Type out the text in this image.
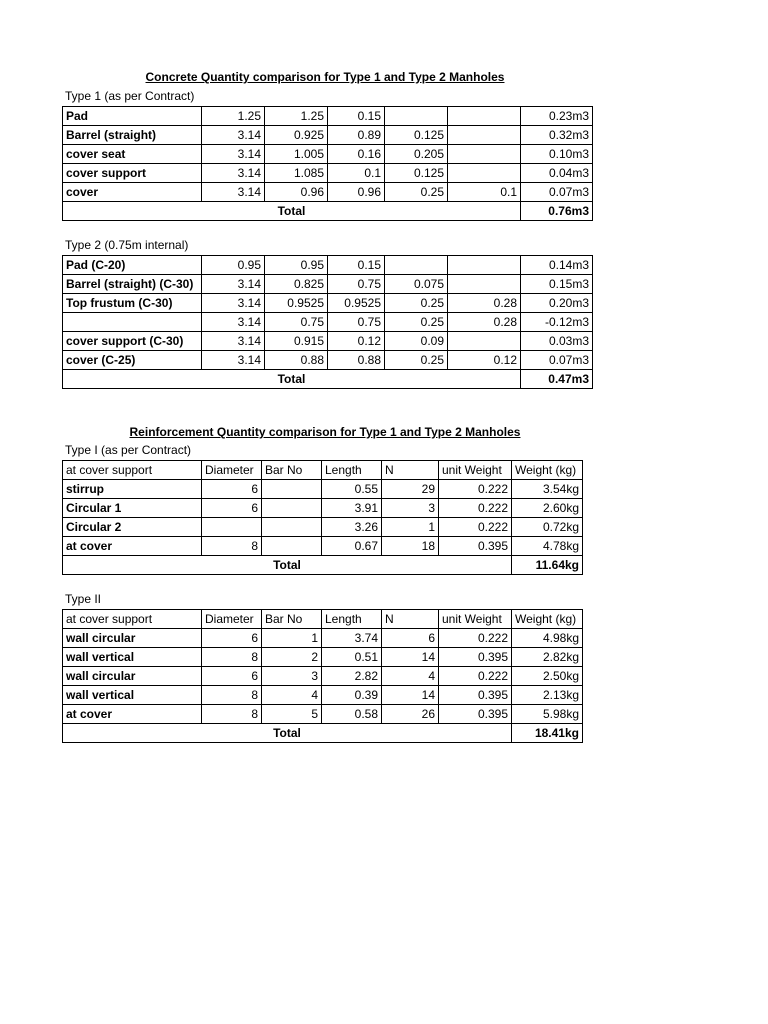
Concrete Quantity comparison for Type 1 and Type 2 Manholes
Type 1 (as per Contract)
Pad	1.25	1.25	0.15			0.23m3
Barrel (straight)	3.14	0.925	0.89	0.125		0.32m3
cover seat	3.14	1.005	0.16	0.205		0.10m3
cover support	3.14	1.085	0.1	0.125		0.04m3
cover	3.14	0.96	0.96	0.25	0.1	0.07m3
Total						0.76m3
Type 2 (0.75m internal)
Pad (C-20)	0.95	0.95	0.15			0.14m3
Barrel (straight) (C-30)	3.14	0.825	0.75	0.075		0.15m3
Top frustum (C-30)	3.14	0.9525	0.9525	0.25	0.28	0.20m3
	3.14	0.75	0.75	0.25	0.28	-0.12m3
cover support (C-30)	3.14	0.915	0.12	0.09		0.03m3
cover (C-25)	3.14	0.88	0.88	0.25	0.12	0.07m3
Total						0.47m3
Reinforcement Quantity comparison for Type 1 and Type 2 Manholes
Type I (as per Contract)
at cover support	Diameter	Bar No	Length	N	unit Weight	Weight (kg)
stirrup	6		0.55	29	0.222	3.54kg
Circular 1	6		3.91	3	0.222	2.60kg
Circular 2			3.26	1	0.222	0.72kg
at cover	8		0.67	18	0.395	4.78kg
Total						11.64kg
Type II
at cover support	Diameter	Bar No	Length	N	unit Weight	Weight (kg)
wall circular	6	1	3.74	6	0.222	4.98kg
wall vertical	8	2	0.51	14	0.395	2.82kg
wall circular	6	3	2.82	4	0.222	2.50kg
wall vertical	8	4	0.39	14	0.395	2.13kg
at cover	8	5	0.58	26	0.395	5.98kg
Total						18.41kg
